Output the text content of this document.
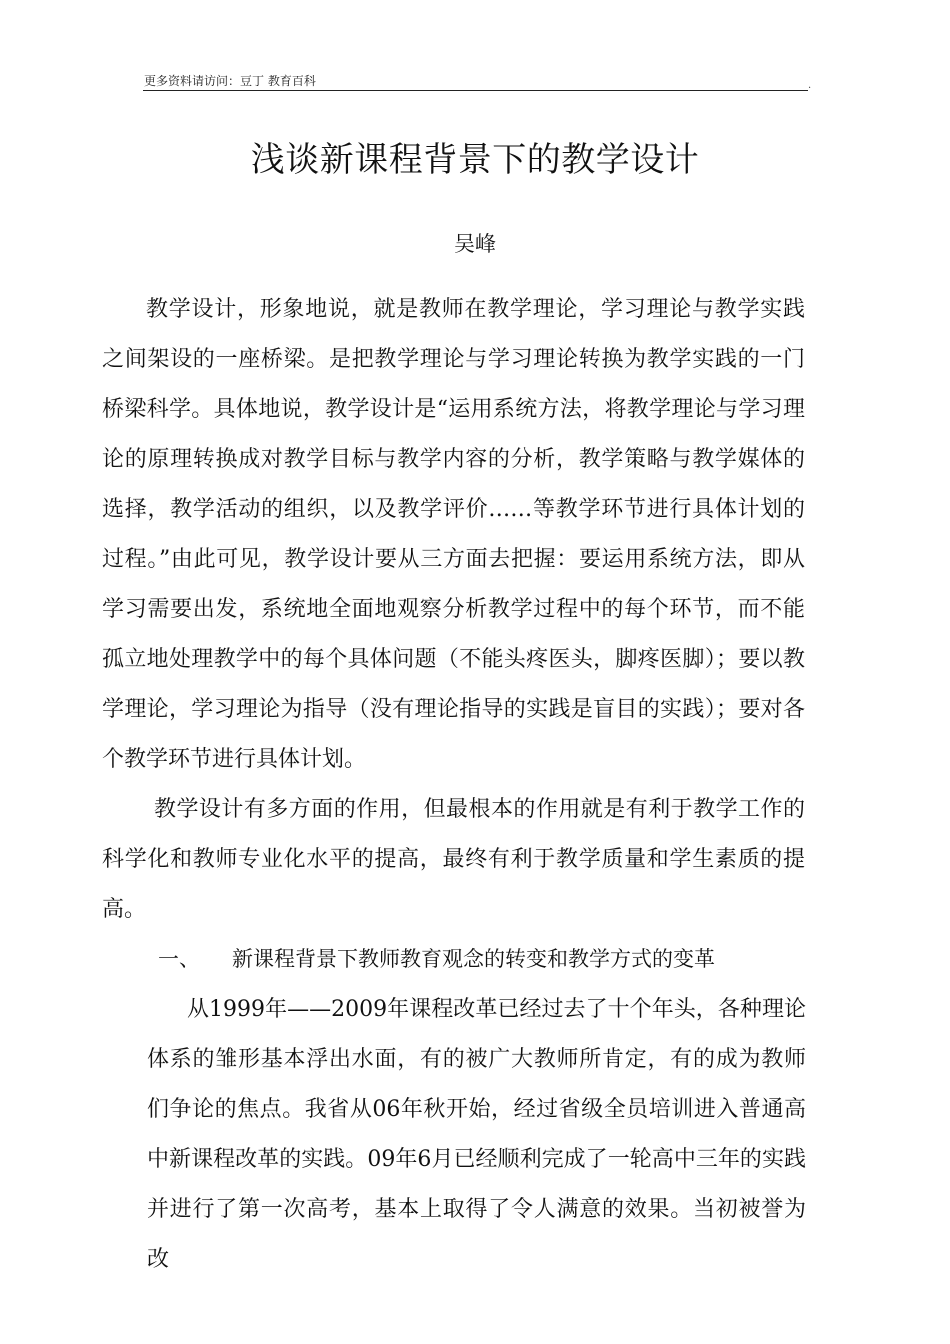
更多资料请访问：豆丁 教育百科	.
浅谈新课程背景下的教学设计
吴峰
教学设计，形象地说，就是教师在教学理论，学习理论与教学实践之间架设的一座桥梁。是把教学理论与学习理论转换为教学实践的一门桥梁科学。具体地说，教学设计是“运用系统方法，将教学理论与学习理论的原理转换成对教学目标与教学内容的分析，教学策略与教学媒体的选择，教学活动的组织，以及教学评价……等教学环节进行具体计划的过程。”由此可见，教学设计要从三方面去把握：要运用系统方法，即从学习需要出发，系统地全面地观察分析教学过程中的每个环节，而不能孤立地处理教学中的每个具体问题（不能头疼医头，脚疼医脚）；要以教学理论，学习理论为指导（没有理论指导的实践是盲目的实践）；要对各个教学环节进行具体计划。
教学设计有多方面的作用，但最根本的作用就是有利于教学工作的科学化和教师专业化水平的提高，最终有利于教学质量和学生素质的提高。
一、 新课程背景下教师教育观念的转变和教学方式的变革
从1999年——2009年课程改革已经过去了十个年头，各种理论体系的雏形基本浮出水面，有的被广大教师所肯定，有的成为教师们争论的焦点。我省从06年秋开始，经过省级全员培训进入普通高中新课程改革的实践。09年6月已经顺利完成了一轮高中三年的实践并进行了第一次高考，基本上取得了令人满意的效果。当初被誉为改
